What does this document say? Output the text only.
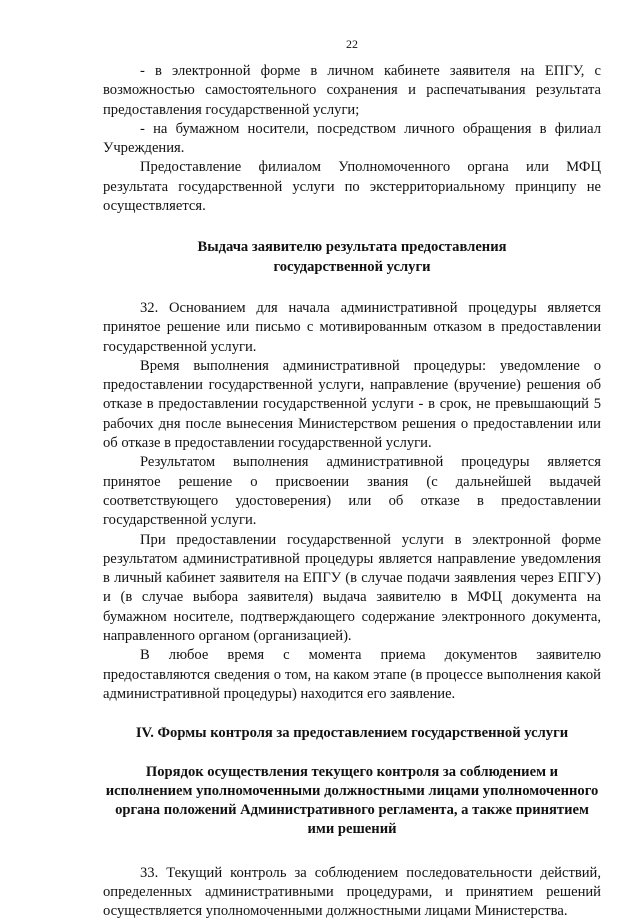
22

- в электронной форме в личном кабинете заявителя на ЕПГУ, с возможностью самостоятельного сохранения и распечатывания результата предоставления государственной услуги;

- на бумажном носители, посредством личного обращения в филиал Учреждения.

Предоставление филиалом Уполномоченного органа или МФЦ результата государственной услуги по экстерриториальному принципу не осуществляется.

Выдача заявителю результата предоставления государственной услуги

32. Основанием для начала административной процедуры является принятое решение или письмо с мотивированным отказом в предоставлении государственной услуги.

Время выполнения административной процедуры: уведомление о предоставлении государственной услуги, направление (вручение) решения об отказе в предоставлении государственной услуги - в срок, не превышающий 5 рабочих дня после вынесения Министерством решения о предоставлении или об отказе в предоставлении государственной услуги.

Результатом выполнения административной процедуры является принятое решение о присвоении звания (с дальнейшей выдачей соответствующего удостоверения) или об отказе в предоставлении государственной услуги.

При предоставлении государственной услуги в электронной форме результатом административной процедуры является направление уведомления в личный кабинет заявителя на ЕПГУ (в случае подачи заявления через ЕПГУ) и (в случае выбора заявителя) выдача заявителю в МФЦ документа на бумажном носителе, подтверждающего содержание электронного документа, направленного органом (организацией).

В любое время с момента приема документов заявителю предоставляются сведения о том, на каком этапе (в процессе выполнения какой административной процедуры) находится его заявление.

IV. Формы контроля за предоставлением государственной услуги
Порядок осуществления текущего контроля за соблюдением и исполнением уполномоченными должностными лицами уполномоченного органа положений Административного регламента, а также принятием ими решений

33. Текущий контроль за соблюдением последовательности действий, определенных административными процедурами, и принятием решений осуществляется уполномоченными должностными лицами Министерства.
